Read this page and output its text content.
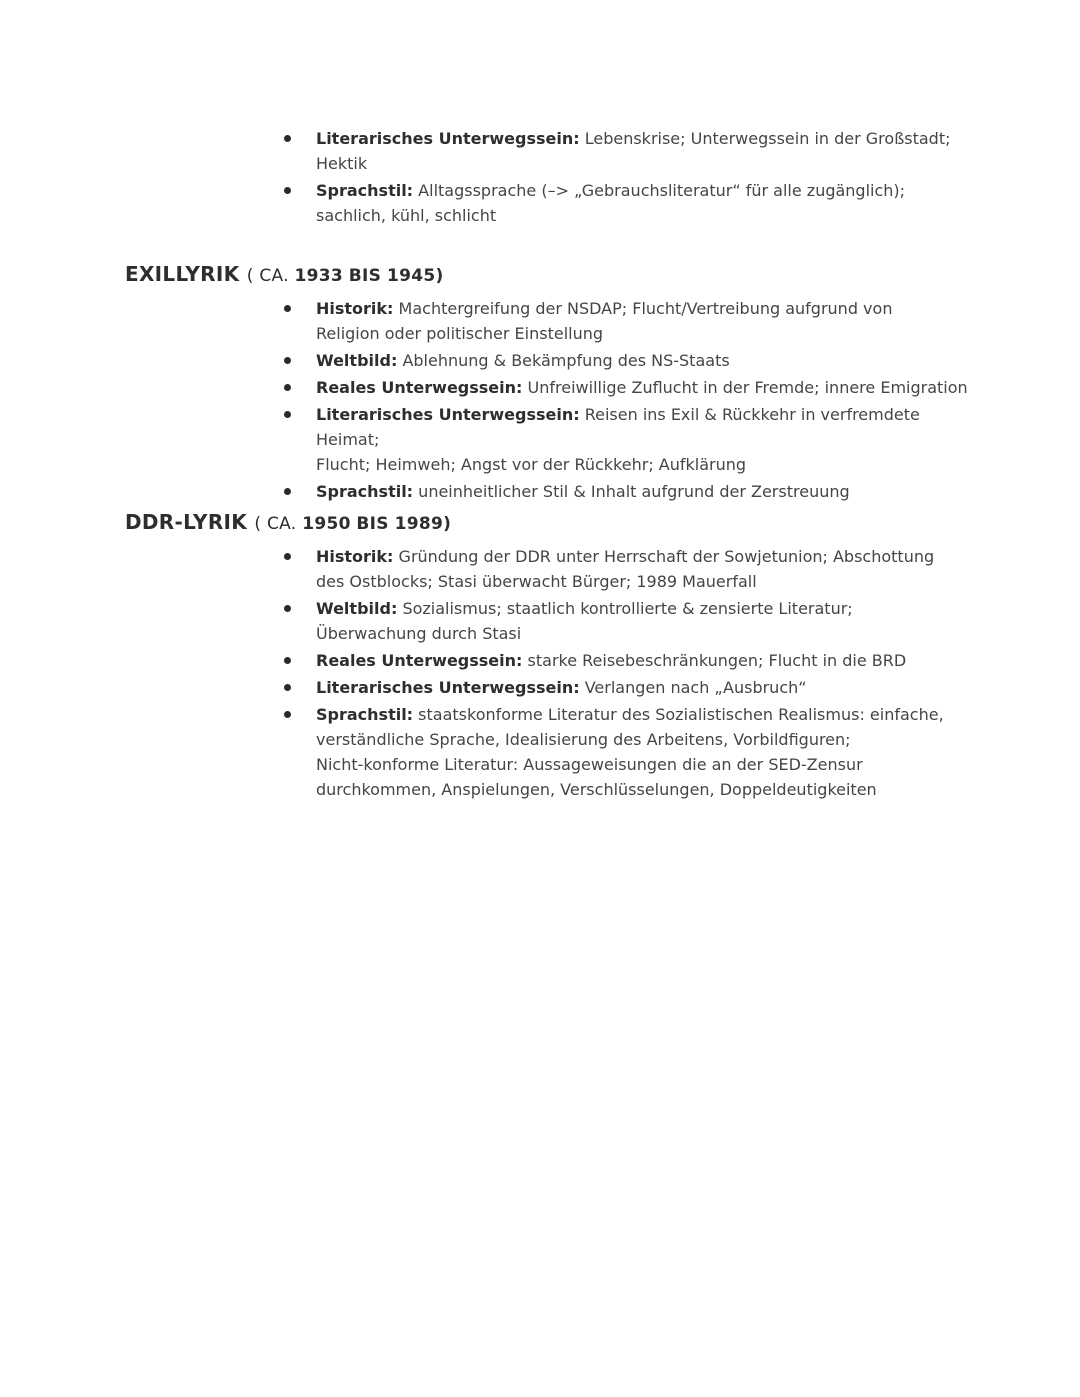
Literarisches Unterwegssein: Lebenskrise; Unterwegssein in der Großstadt;
Hektik
Sprachstil: Alltagssprache (–> „Gebrauchsliteratur“ für alle zugänglich);
sachlich, kühl, schlicht
EXILLYRIK ( CA. 1933 BIS 1945)
Historik: Machtergreifung der NSDAP; Flucht/Vertreibung aufgrund von
Religion oder politischer Einstellung
Weltbild: Ablehnung & Bekämpfung des NS-Staats
Reales Unterwegssein: Unfreiwillige Zuflucht in der Fremde; innere Emigration
Literarisches Unterwegssein: Reisen ins Exil & Rückkehr in verfremdete Heimat;
Flucht; Heimweh; Angst vor der Rückkehr; Aufklärung
Sprachstil: uneinheitlicher Stil & Inhalt aufgrund der Zerstreuung
DDR-LYRIK ( CA. 1950 BIS 1989)
Historik: Gründung der DDR unter Herrschaft der Sowjetunion; Abschottung
des Ostblocks; Stasi überwacht Bürger; 1989 Mauerfall
Weltbild: Sozialismus; staatlich kontrollierte & zensierte Literatur;
Überwachung durch Stasi
Reales Unterwegssein: starke Reisebeschränkungen; Flucht in die BRD
Literarisches Unterwegssein: Verlangen nach „Ausbruch“
Sprachstil: staatskonforme Literatur des Sozialistischen Realismus: einfache,
verständliche Sprache, Idealisierung des Arbeitens, Vorbildfiguren;
Nicht-konforme Literatur: Aussageweisungen die an der SED-Zensur
durchkommen, Anspielungen, Verschlüsselungen, Doppeldeutigkeiten
